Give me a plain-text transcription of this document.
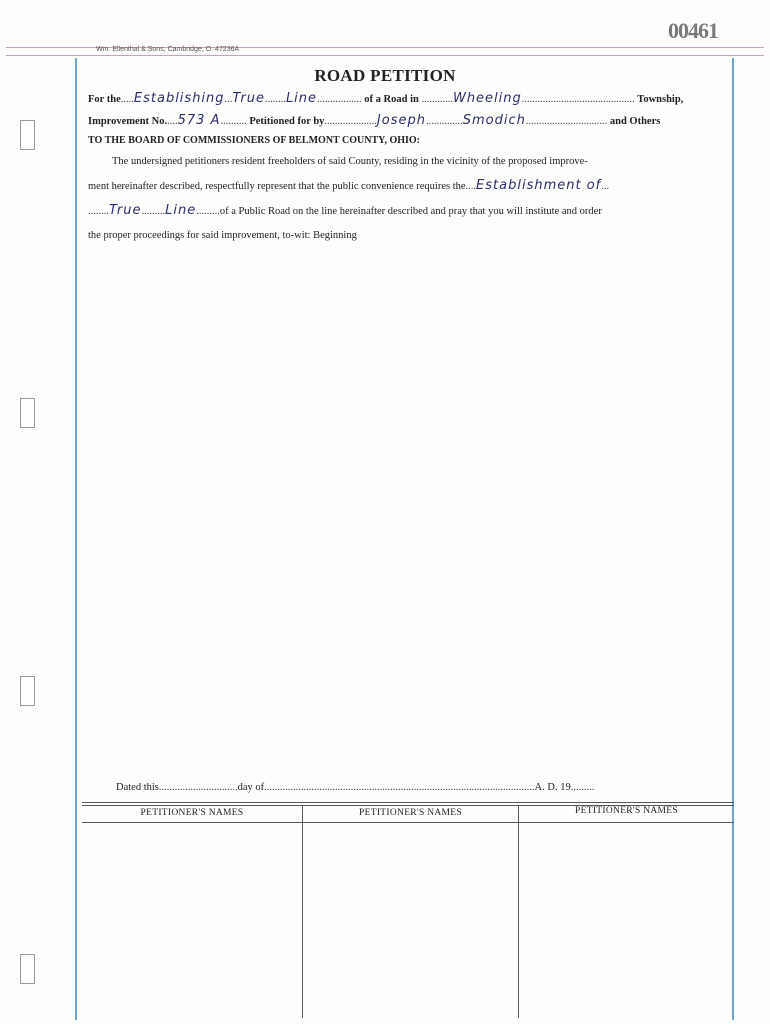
00461
Wm. Ellenthal & Sons, Cambridge, O. 47236A
ROAD PETITION
For the.....Establishing...True........Line................. of a Road in ............Wheeling........................................... Township,
Improvement No.....573 A.......... Petitioned for by....................Joseph..............Smodich............................... and Others
TO THE BOARD OF COMMISSIONERS OF BELMONT COUNTY, OHIO:
The undersigned petitioners resident freeholders of said County, residing in the vicinity of the proposed improve-
ment hereinafter described, respectfully represent that the public convenience requires the....Establishment of...
........True.........Line.........of a Public Road on the line hereinafter described and pray that you will institute and order
the proper proceedings for said improvement, to-wit: Beginning
Dated this..............................day of.......................................................................................................A. D. 19.........
PETITIONER'S NAMES	PETITIONER'S NAMES	PETITIONER'S NAMES
